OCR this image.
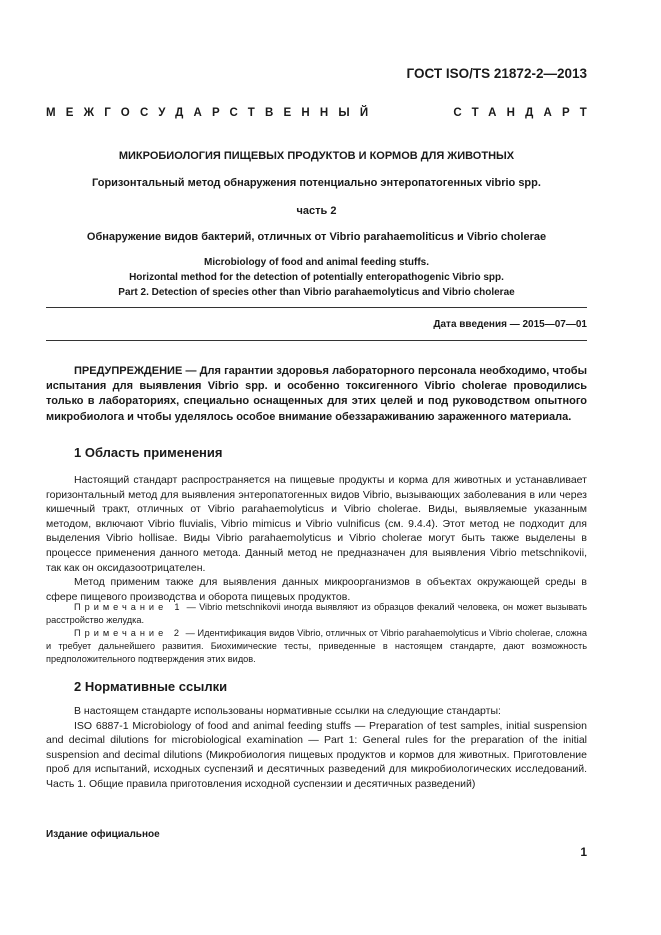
ГОСТ ISO/TS 21872-2—2013
МЕЖГОСУДАРСТВЕННЫЙ	СТАНДАРТ
МИКРОБИОЛОГИЯ ПИЩЕВЫХ ПРОДУКТОВ И КОРМОВ ДЛЯ ЖИВОТНЫХ
Горизонтальный метод обнаружения потенциально энтеропатогенных vibrio spp.
часть 2
Обнаружение видов бактерий, отличных от Vibrio parahaemoliticus и Vibrio cholerae
Microbiology of food and animal feeding stuffs.
Horizontal method for the detection of potentially enteropathogenic Vibrio spp.
Part 2. Detection of species other than Vibrio parahaemolyticus and Vibrio cholerae
Дата введения — 2015—07—01
ПРЕДУПРЕЖДЕНИЕ — Для гарантии здоровья лабораторного персонала необходимо, чтобы испытания для выявления Vibrio spp. и особенно токсигенного Vibrio cholerae проводились только в лабораториях, специально оснащенных для этих целей и под руководством опытного микробиолога и чтобы уделялось особое внимание обеззараживанию зараженного материала.
1 Область применения

Настоящий стандарт распространяется на пищевые продукты и корма для животных и устанавливает горизонтальный метод для выявления энтеропатогенных видов Vibrio, вызывающих заболевания в или через кишечный тракт, отличных от Vibrio parahaemolyticus и Vibrio cholerae. Виды, выявляемые указанным методом, включают Vibrio fluvialis, Vibrio mimicus и Vibrio vulnificus (см. 9.4.4). Этот метод не подходит для выделения Vibrio hollisae. Виды Vibrio parahaemolyticus и Vibrio cholerae могут быть также выделены в процессе применения данного метода. Данный метод не предназначен для выявления Vibrio metschnikovii, так как он оксидазоотрицателен.

Метод применим также для выявления данных микроорганизмов в объектах окружающей среды в сфере пищевого производства и оборота пищевых продуктов.

Примечание 1 — Vibrio metschnikovii иногда выявляют из образцов фекалий человека, он может вызывать расстройство желудка.

Примечание 2 — Идентификация видов Vibrio, отличных от Vibrio parahaemolyticus и Vibrio cholerae, сложна и требует дальнейшего развития. Биохимические тесты, приведенные в настоящем стандарте, дают возможность предположительного подтверждения этих видов.

2 Нормативные ссылки

В настоящем стандарте использованы нормативные ссылки на следующие стандарты:

ISO 6887-1 Microbiology of food and animal feeding stuffs — Preparation of test samples, initial suspension and decimal dilutions for microbiological examination — Part 1: General rules for the preparation of the initial suspension and decimal dilutions (Микробиология пищевых продуктов и кормов для животных. Приготовление проб для испытаний, исходных суспензий и десятичных разведений для микробиологических исследований. Часть 1. Общие правила приготовления исходной суспензии и десятичных разведений)

Издание официальное
1
